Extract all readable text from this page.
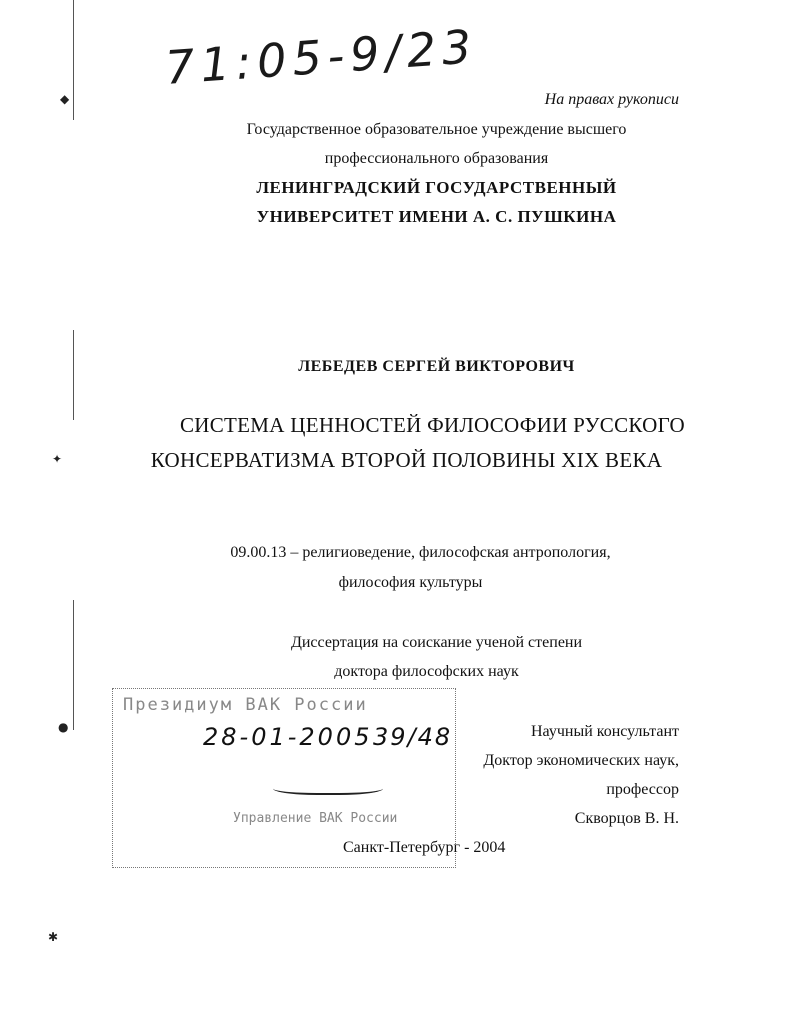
◆
✦
●
✱
71:05-9/23
На правах рукописи
Государственное образовательное учреждение высшего
профессионального образования
ЛЕНИНГРАДСКИЙ ГОСУДАРСТВЕННЫЙ
УНИВЕРСИТЕТ ИМЕНИ А. С. ПУШКИНА
ЛЕБЕДЕВ СЕРГЕЙ ВИКТОРОВИЧ
СИСТЕМА ЦЕННОСТЕЙ ФИЛОСОФИИ РУССКОГО
КОНСЕРВАТИЗМА ВТОРОЙ ПОЛОВИНЫ XIX ВЕКА
09.00.13 – религиоведение, философская антропология,
философия культуры
Диссертация на соискание ученой степени
доктора философских наук
Президиум ВАК России
28-01-2005 39/48
Управление ВАК России
Научный консультант
Доктор экономических наук,
профессор
Скворцов В. Н.
Санкт-Петербург - 2004
